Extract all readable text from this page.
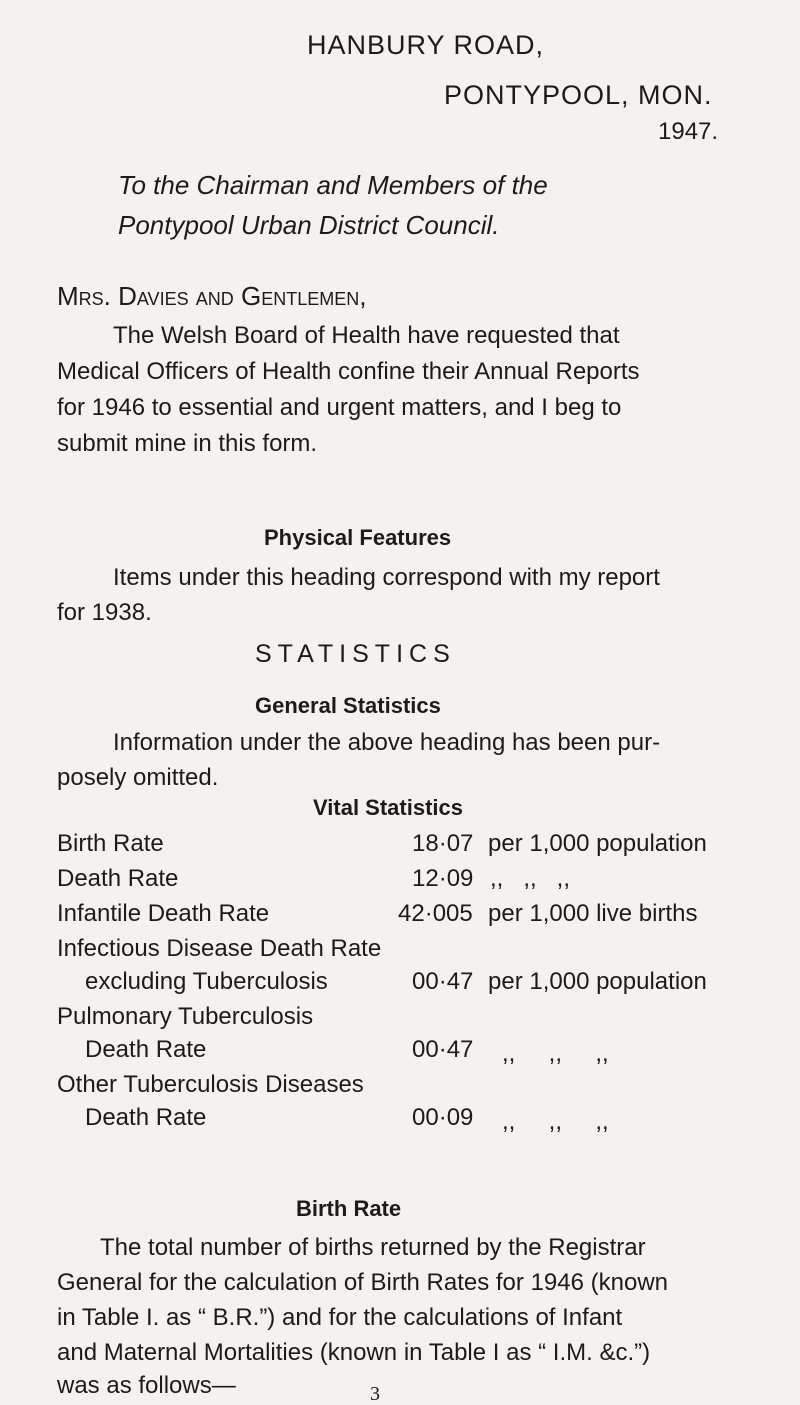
HANBURY ROAD,
PONTYPOOL, MON.
1947.
To the Chairman and Members of the
Pontypool Urban District Council.
Mrs. Davies and Gentlemen,
The Welsh Board of Health have requested that
Medical Officers of Health confine their Annual Reports
for 1946 to essential and urgent matters, and I beg to
submit mine in this form.
Physical Features
Items under this heading correspond with my report
for 1938.
STATISTICS
General Statistics
Information under the above heading has been pur-
posely omitted.
Vital Statistics
Birth Rate	18·07 per 1,000 population
Death Rate	12·09 ,,   ,,   ,,
Infantile Death Rate	42·005 per 1,000 live births
Infectious Disease Death Rate
excluding Tuberculosis	00·47 per 1,000 population
Pulmonary Tuberculosis
Death Rate	00·47 ,,     ,,     ,,
Other Tuberculosis Diseases
Death Rate	00·09 ,,     ,,     ,,
Birth Rate
The total number of births returned by the Registrar
General for the calculation of Birth Rates for 1946 (known
in Table I. as “ B.R.”) and for the calculations of Infant
and Maternal Mortalities (known in Table I as “ I.M. &c.”)
was as follows—	3
